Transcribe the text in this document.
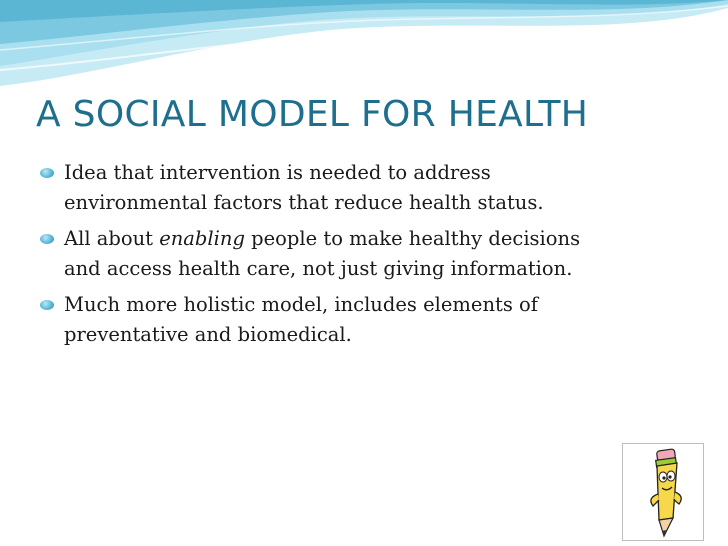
A SOCIAL MODEL FOR HEALTH
Idea that intervention is needed to address
environmental factors that reduce health status.
All about enabling people to make healthy decisions
and access health care, not just giving information.
Much more holistic model, includes elements of
preventative and biomedical.
